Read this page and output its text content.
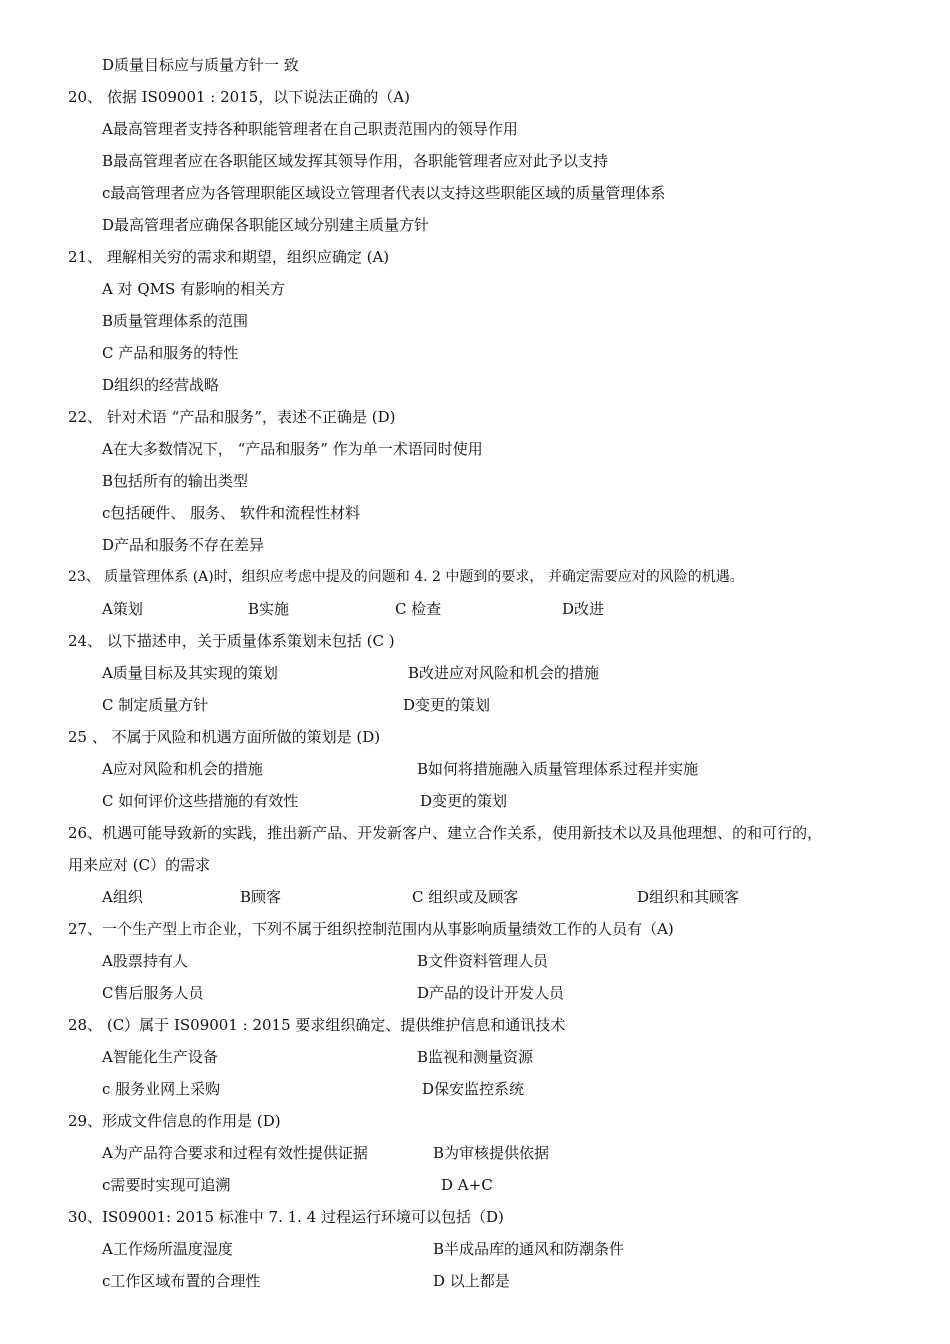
D质量目标应与质量方针一 致
20、 依据 IS09001 : 2015，以下说法正确的（A)
A最高管理者支持各种职能管理者在自己职责范围内的领导作用
B最高管理者应在各职能区域发挥其领导作用，各职能管理者应对此予以支持
c最高管理者应为各管理职能区域设立管理者代表以支持这些职能区域的质量管理体系
D最高管理者应确保各职能区域分别建主质量方针
21、 理解相关穷的需求和期望，组织应确定 (A)
A 对 QMS 有影响的相关方
B质量管理体系的范围
C 产品和服务的特性
D组织的经营战略
22、 针对术语 “产品和服务”，表述不正确是 (D)
A在大多数情况下， “产品和服务” 作为单一术语同时使用
B包括所有的输出类型
c包括硬件、 服务、 软件和流程性材料
D产品和服务不存在差异
23、 质量管理体系 (A)时，组织应考虑中提及的问题和 4. 2 中题到的要求， 并确定需要应对的风险的机遇。
A策划	B实施	C 检查	D改进
24、 以下描述申，关于质量体系策划未包括 (C )
A质量目标及其实现的策划	B改进应对风险和机会的措施
C 制定质量方针	D变更的策划
25 、 不属于风险和机遇方面所做的策划是 (D)
A应对风险和机会的措施	B如何将措施融入质量管理体系过程并实施
C 如何评价这些措施的有效性	D变更的策划
26、机遇可能导致新的实践，推出新产品、开发新客户、建立合作关系，使用新技术以及具他理想、的和可行的，
用来应对 (C）的需求
A组织	B顾客	C 组织或及顾客	D组织和其顾客
27、一个生产型上市企业，下列不属于组织控制范围内从事影响质量绩效工作的人员有（A)
A股票持有人	B文件资料管理人员
C售后服务人员	D产品的设计开发人员
28、 (C）属于 IS09001 : 2015 要求组织确定、提供维护信息和通讯技术
A智能化生产设备	B监视和测量资源
c 服务业网上采购	D保安监控系统
29、形成文件信息的作用是 (D)
A为产品符合要求和过程有效性提供证据	B为审核提供依据
c需要时实现可追溯	D A+C
30、IS09001: 2015 标准中 7. 1. 4 过程运行环境可以包括（D)
A工作炀所温度湿度	B半成品库的通风和防潮条件
c工作区域布置的合理性	D 以上都是
